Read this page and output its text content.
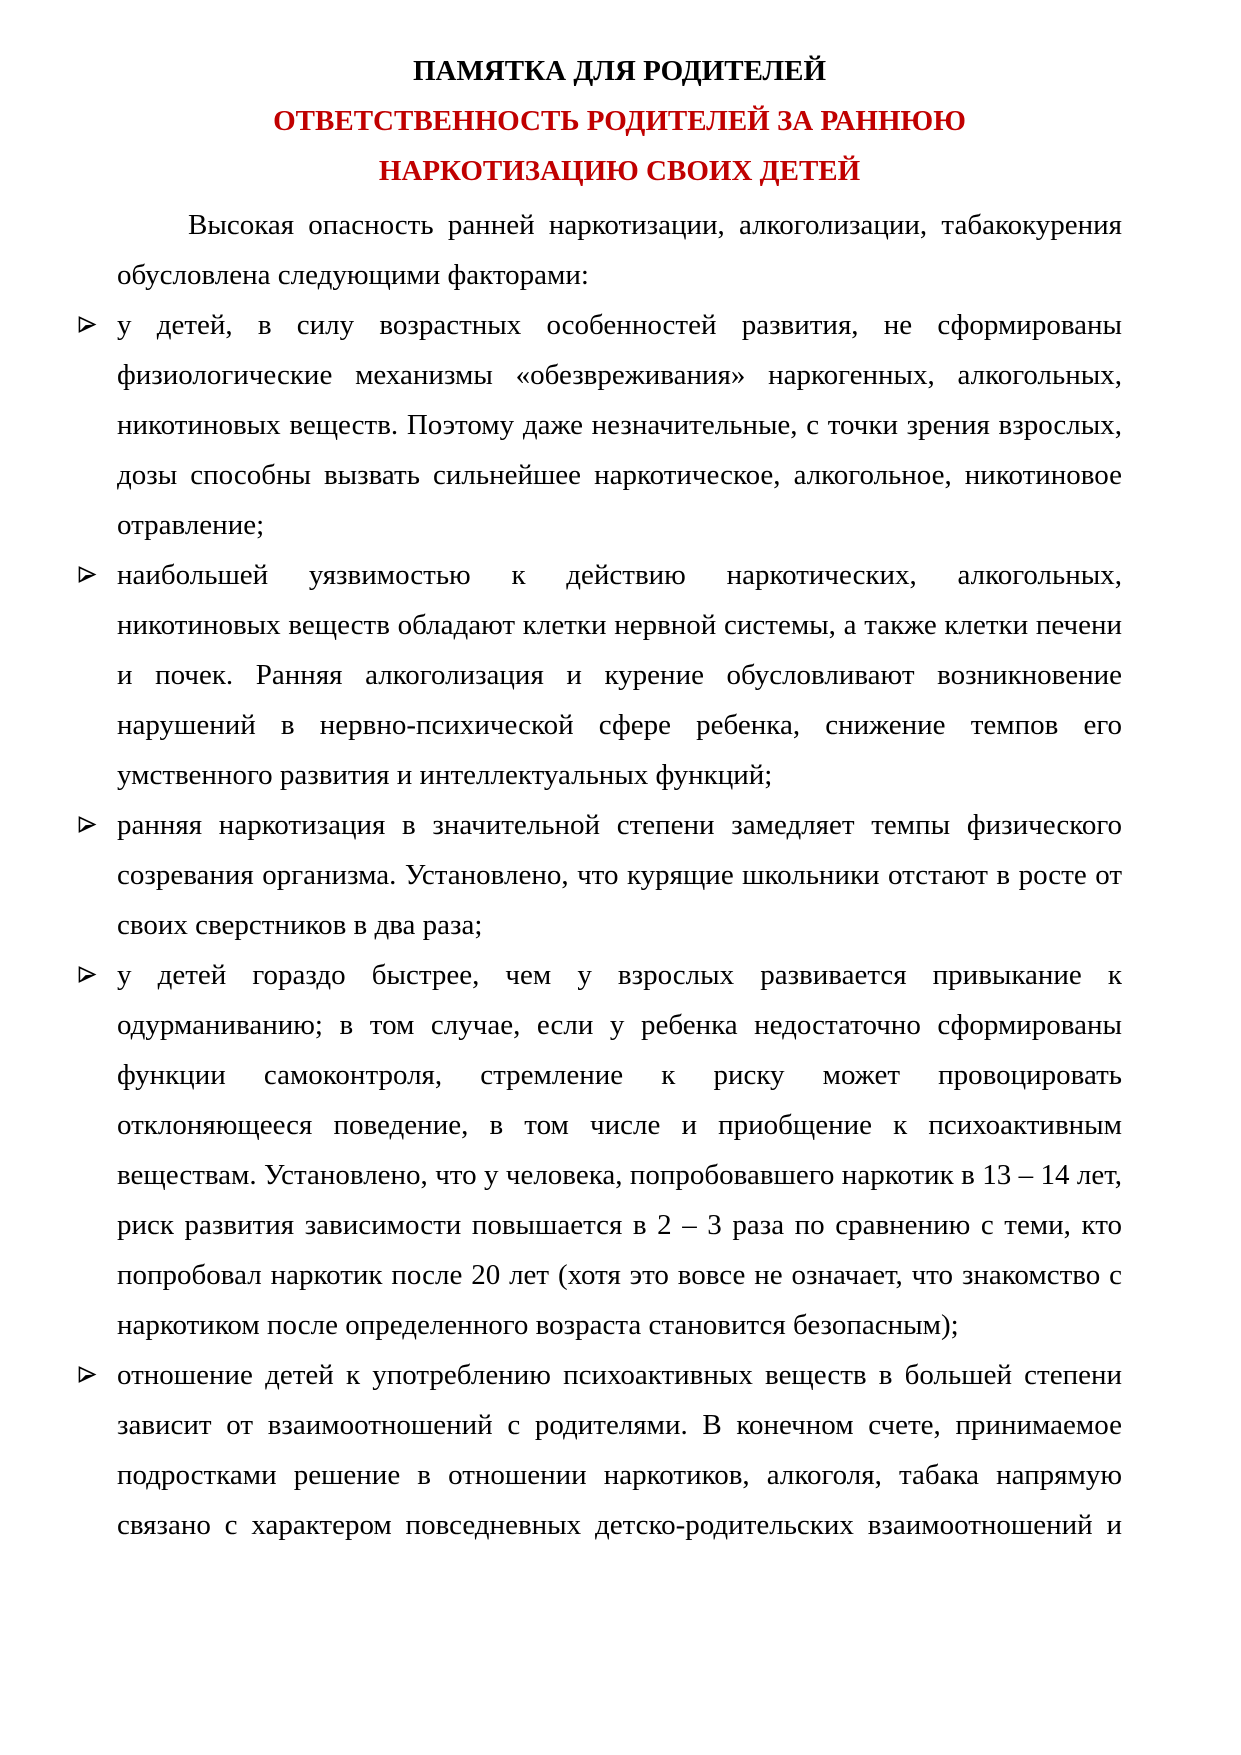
ПАМЯТКА ДЛЯ РОДИТЕЛЕЙ
ОТВЕТСТВЕННОСТЬ РОДИТЕЛЕЙ ЗА РАННЮЮ
НАРКОТИЗАЦИЮ СВОИХ ДЕТЕЙ

Высокая опасность ранней наркотизации, алкоголизации, табакокурения обусловлена следующими факторами:

у детей, в силу возрастных особенностей развития, не сформированы физиологические механизмы «обезвреживания» наркогенных, алкогольных, никотиновых веществ. Поэтому даже незначительные, с точки зрения взрослых, дозы способны вызвать сильнейшее наркотическое, алкогольное, никотиновое отравление;
наибольшей уязвимостью к действию наркотических, алкогольных, никотиновых веществ обладают клетки нервной системы, а также клетки печени и почек. Ранняя алкоголизация и курение обусловливают возникновение нарушений в нервно-психической сфере ребенка, снижение темпов его умственного развития и интеллектуальных функций;
ранняя наркотизация в значительной степени замедляет темпы физического созревания организма. Установлено, что курящие школьники отстают в росте от своих сверстников в два раза;
у детей гораздо быстрее, чем у взрослых развивается привыкание к одурманиванию; в том случае, если у ребенка недостаточно сформированы функции самоконтроля, стремление к риску может провоцировать отклоняющееся поведение, в том числе и приобщение к психоактивным веществам. Установлено, что у человека, попробовавшего наркотик в 13 – 14 лет, риск развития зависимости повышается в 2 – 3 раза по сравнению с теми, кто попробовал наркотик после 20 лет (хотя это вовсе не означает, что знакомство с наркотиком после определенного возраста становится безопасным);
отношение детей к употреблению психоактивных веществ в большей степени зависит от взаимоотношений с родителями. В конечном счете, принимаемое подростками решение в отношении наркотиков, алкоголя, табака напрямую связано с характером повседневных детско-родительских взаимоотношений и
